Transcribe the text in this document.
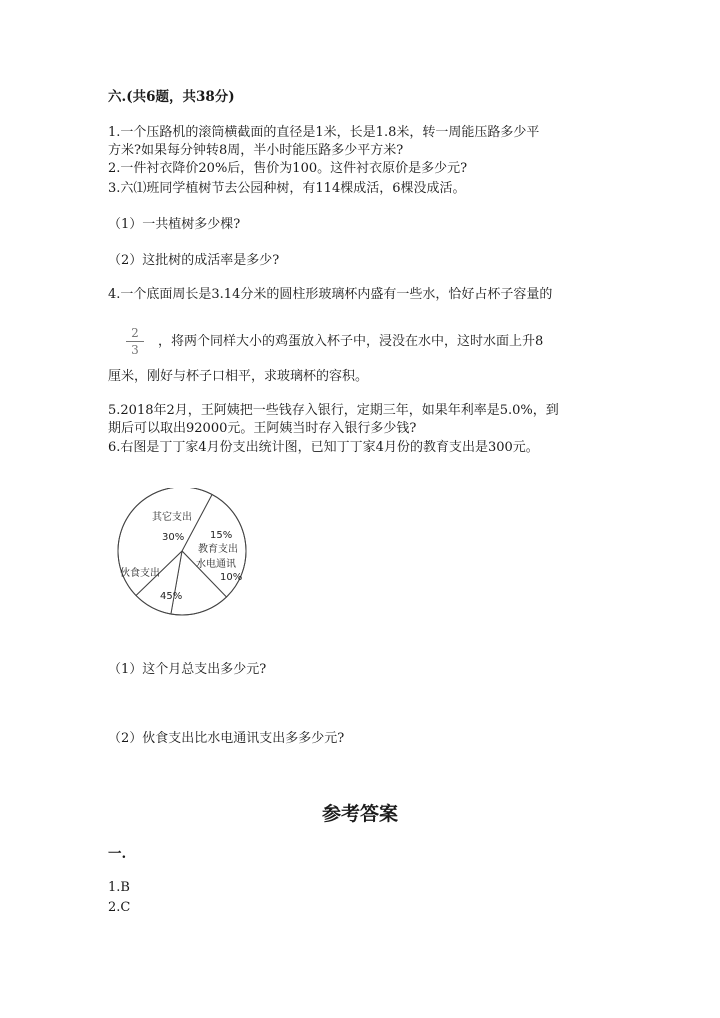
六.(共6题，共38分)
1.一个压路机的滚筒横截面的直径是1米，长是1.8米，转一周能压路多少平
方米?如果每分钟转8周，半小时能压路多少平方米?
2.一件衬衣降价20%后，售价为100。这件衬衣原价是多少元?
3.六⑴班同学植树节去公园种树，有114棵成活，6棵没成活。
（1）一共植树多少棵?
（2）这批树的成活率是多少?
4.一个底面周长是3.14分米的圆柱形玻璃杯内盛有一些水，恰好占杯子容量的
2
3
，将两个同样大小的鸡蛋放入杯子中，浸没在水中，这时水面上升8
厘米，刚好与杯子口相平，求玻璃杯的容积。
5.2018年2月，王阿姨把一些钱存入银行，定期三年，如果年利率是5.0%，到
期后可以取出92000元。王阿姨当时存入银行多少钱?
6.右图是丁丁家4月份支出统计图，已知丁丁家4月份的教育支出是300元。
其它支出
30%	15%
教育支出
水电通讯
10%
伙食支出
45%
（1）这个月总支出多少元?
（2）伙食支出比水电通讯支出多多少元?
参考答案
一.
1.B
2.C
